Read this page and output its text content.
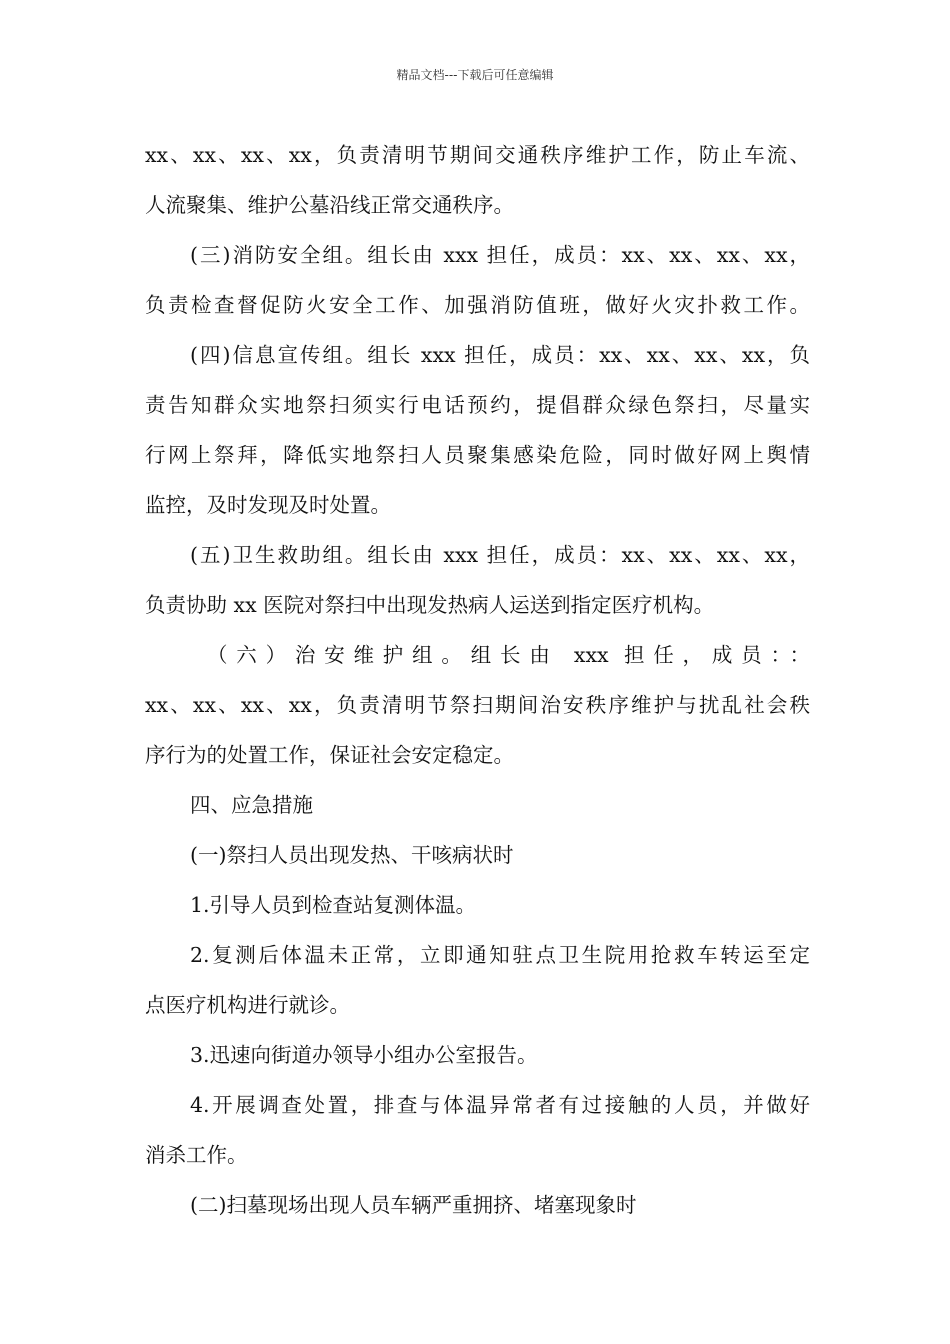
精品文档---下载后可任意编辑
xx、xx、xx、xx，负责清明节期间交通秩序维护工作，防止车流、
人流聚集、维护公墓沿线正常交通秩序。
(三)消防安全组。组长由 xxx 担任，成员：xx、xx、xx、xx，
负责检查督促防火安全工作、加强消防值班，做好火灾扑救工作。
(四)信息宣传组。组长 xxx 担任，成员：xx、xx、xx、xx，负
责告知群众实地祭扫须实行电话预约，提倡群众绿色祭扫，尽量实
行网上祭拜，降低实地祭扫人员聚集感染危险，同时做好网上舆情
监控，及时发现及时处置。
(五)卫生救助组。组长由 xxx 担任，成员：xx、xx、xx、xx，
负责协助 xx 医院对祭扫中出现发热病人运送到指定医疗机构。
（六）治安维护组。组长由 xxx 担任，成员：：
xx、xx、xx、xx，负责清明节祭扫期间治安秩序维护与扰乱社会秩
序行为的处置工作，保证社会安定稳定。
四、应急措施
(一)祭扫人员出现发热、干咳病状时
1.引导人员到检查站复测体温。
2.复测后体温未正常，立即通知驻点卫生院用抢救车转运至定
点医疗机构进行就诊。
3.迅速向街道办领导小组办公室报告。
4.开展调查处置，排查与体温异常者有过接触的人员，并做好
消杀工作。
(二)扫墓现场出现人员车辆严重拥挤、堵塞现象时
